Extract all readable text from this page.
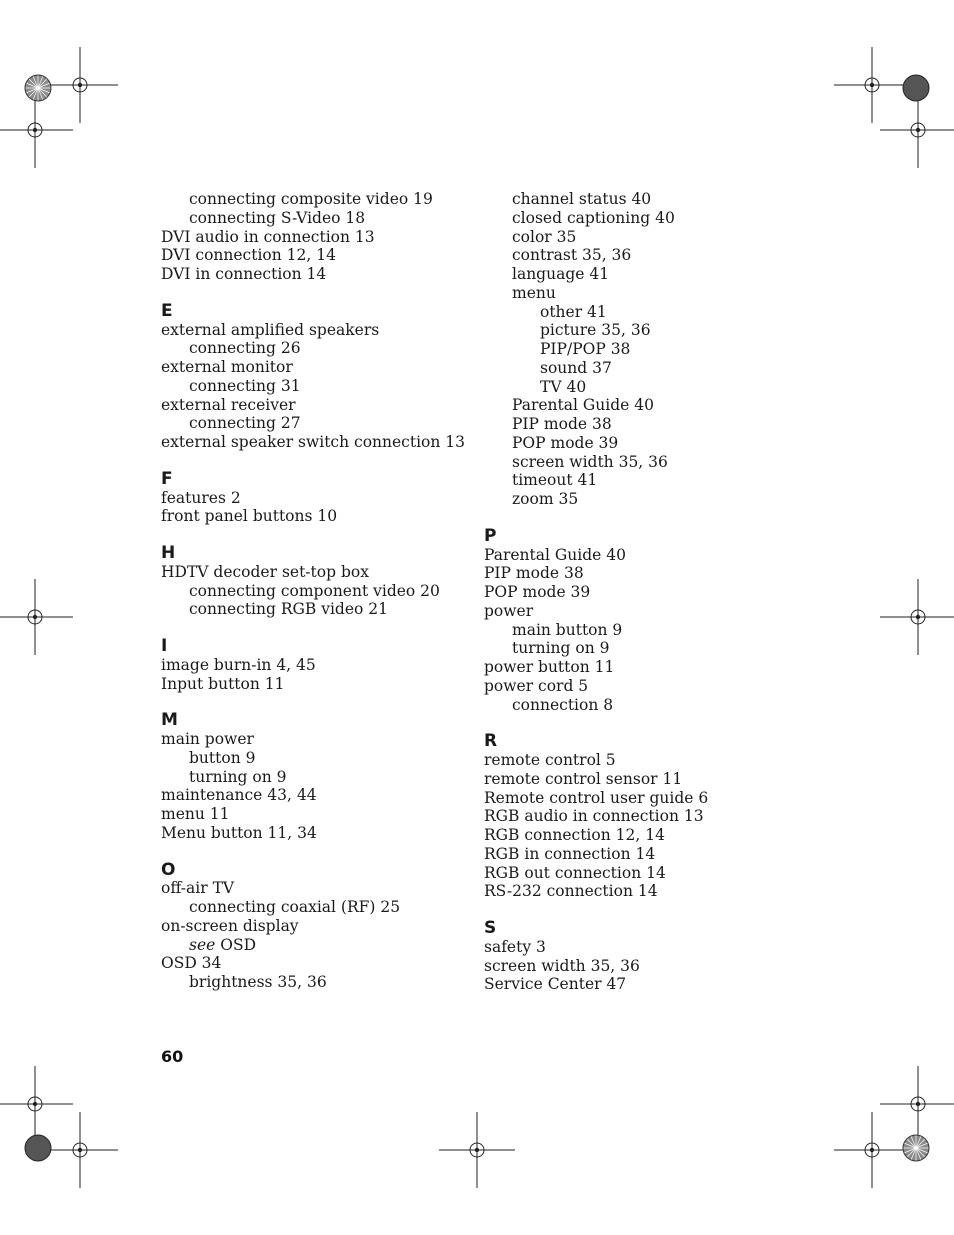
connecting composite video 19
connecting S-Video 18
DVI audio in connection 13
DVI connection 12, 14
DVI in connection 14
E
external amplified speakers
connecting 26
external monitor
connecting 31
external receiver
connecting 27
external speaker switch connection 13
F
features 2
front panel buttons 10
H
HDTV decoder set-top box
connecting component video 20
connecting RGB video 21
I
image burn-in 4, 45
Input button 11
M
main power
button 9
turning on 9
maintenance 43, 44
menu 11
Menu button 11, 34
O
off-air TV
connecting coaxial (RF) 25
on-screen display
see OSD
OSD 34
brightness 35, 36
channel status 40
closed captioning 40
color 35
contrast 35, 36
language 41
menu
other 41
picture 35, 36
PIP/POP 38
sound 37
TV 40
Parental Guide 40
PIP mode 38
POP mode 39
screen width 35, 36
timeout 41
zoom 35
P
Parental Guide 40
PIP mode 38
POP mode 39
power
main button 9
turning on 9
power button 11
power cord 5
connection 8
R
remote control 5
remote control sensor 11
Remote control user guide 6
RGB audio in connection 13
RGB connection 12, 14
RGB in connection 14
RGB out connection 14
RS-232 connection 14
S
safety 3
screen width 35, 36
Service Center 47
60
